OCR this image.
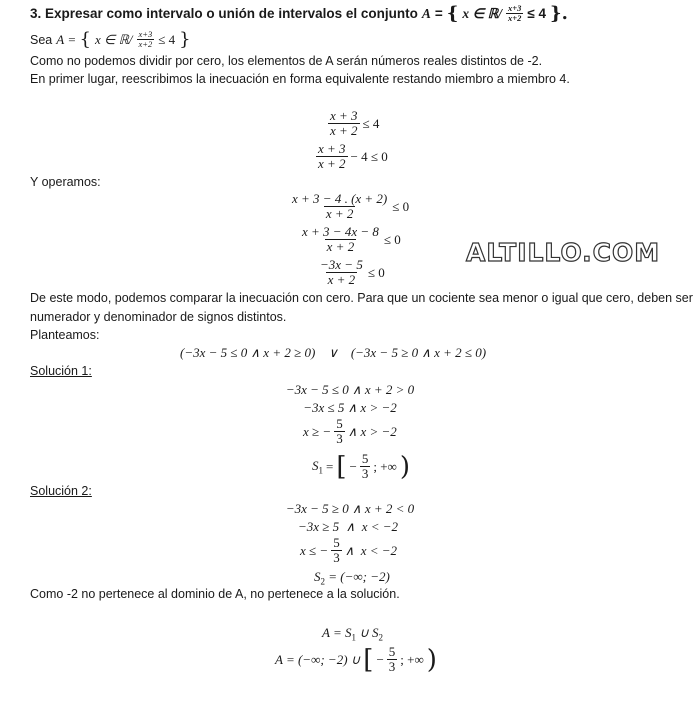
3. Expresar como intervalo o unión de intervalos el conjunto A = { x ∈ ℝ/ $\frac{x+3}{x+2} \le 4$ }.
Sea A = { x ∈ ℝ/ $\frac{x+3}{x+2} \le 4$ }
Como no podemos dividir por cero, los elementos de A serán números reales distintos de -2.
En primer lugar, reescribimos la inecuación en forma equivalente restando miembro a miembro 4.
$\frac{x + 3}{x + 2} \le 4$
$\frac{x + 3}{x + 2} - 4 \le 0$
Y operamos:
$\frac{x + 3 - 4 . (x + 2)}{x + 2} \le 0$
$\frac{x + 3 - 4x - 8}{x + 2} \le 0$
$\frac{-3x - 5}{x + 2} \le 0$
ALTILLO.COM
De este modo, podemos comparar la inecuación con cero. Para que un cociente sea menor o igual que cero, deben ser
numerador y denominador de signos distintos.
Planteamos:
(−3x − 5 ≤ 0 ∧ x + 2 ≥ 0)    ∨    (−3x − 5 ≥ 0 ∧ x + 2 ≤ 0)
Solución 1:
−3x − 5 ≤ 0 ∧ x + 2 > 0
−3x ≤ 5 ∧ x > −2
x ≥ − $\frac{5}{3}$ ∧ x > −2
$S_1$ = [ − $\frac{5}{3}$ ; +∞ )
Solución 2:
−3x − 5 ≥ 0 ∧ x + 2 < 0
−3x ≥ 5  ∧  x < −2
x ≤ − $\frac{5}{3}$ ∧  x < −2
$S_2$ = (−∞; −2)
Como -2 no pertenece al dominio de A, no pertenece a la solución.
$A = S_1$ ∪ $S_2$
A = (−∞; −2) ∪ [ − $\frac{5}{3}$ ; +∞ )
